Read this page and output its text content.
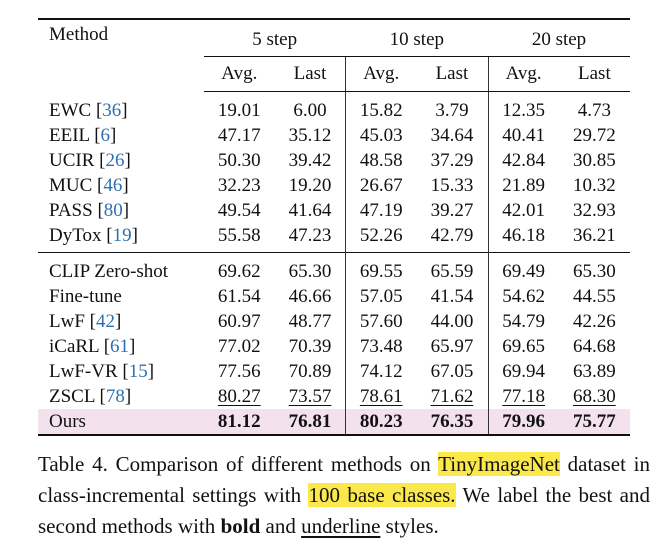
Method	5 step		10 step		20 step	
	Avg.	Last	Avg.	Last	Avg.	Last
EWC [36]	19.01	6.00	15.82	3.79	12.35	4.73
EEIL [6]	47.17	35.12	45.03	34.64	40.41	29.72
UCIR [26]	50.30	39.42	48.58	37.29	42.84	30.85
MUC [46]	32.23	19.20	26.67	15.33	21.89	10.32
PASS [80]	49.54	41.64	47.19	39.27	42.01	32.93
DyTox [19]	55.58	47.23	52.26	42.79	46.18	36.21
CLIP Zero-shot	69.62	65.30	69.55	65.59	69.49	65.30
Fine-tune	61.54	46.66	57.05	41.54	54.62	44.55
LwF [42]	60.97	48.77	57.60	44.00	54.79	42.26
iCaRL [61]	77.02	70.39	73.48	65.97	69.65	64.68
LwF-VR [15]	77.56	70.89	74.12	67.05	69.94	63.89
ZSCL [78]	80.27	73.57	78.61	71.62	77.18	68.30
Ours	81.12	76.81	80.23	76.35	79.96	75.77

Table 4. Comparison of different methods on TinyImageNet dataset in class-incremental settings with 100 base classes. We label the best and second methods with bold and underline styles.
